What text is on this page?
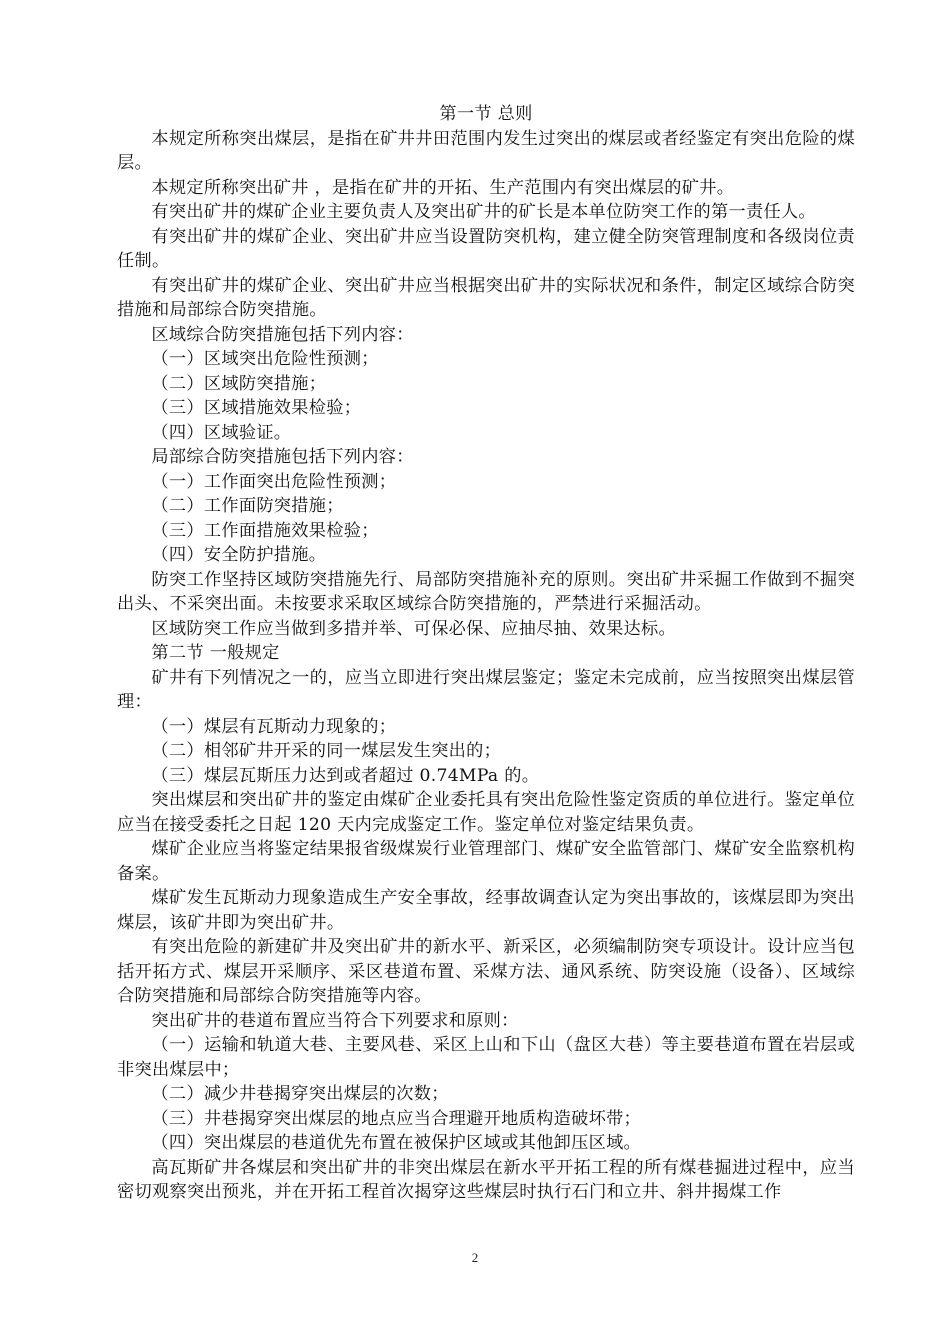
第一节 总则

本规定所称突出煤层，是指在矿井井田范围内发生过突出的煤层或者经鉴定有突出危险的煤层。

本规定所称突出矿井 ，是指在矿井的开拓、生产范围内有突出煤层的矿井。

有突出矿井的煤矿企业主要负责人及突出矿井的矿长是本单位防突工作的第一责任人。

有突出矿井的煤矿企业、突出矿井应当设置防突机构，建立健全防突管理制度和各级岗位责任制。

有突出矿井的煤矿企业、突出矿井应当根据突出矿井的实际状况和条件，制定区域综合防突措施和局部综合防突措施。

区域综合防突措施包括下列内容：

（一）区域突出危险性预测；

（二）区域防突措施；

（三）区域措施效果检验；

（四）区域验证。

局部综合防突措施包括下列内容：

（一）工作面突出危险性预测；

（二）工作面防突措施；

（三）工作面措施效果检验；

（四）安全防护措施。

防突工作坚持区域防突措施先行、局部防突措施补充的原则。突出矿井采掘工作做到不掘突出头、不采突出面。未按要求采取区域综合防突措施的，严禁进行采掘活动。

区域防突工作应当做到多措并举、可保必保、应抽尽抽、效果达标。

第二节 一般规定

矿井有下列情况之一的，应当立即进行突出煤层鉴定；鉴定未完成前，应当按照突出煤层管理：

（一）煤层有瓦斯动力现象的；

（二）相邻矿井开采的同一煤层发生突出的；

（三）煤层瓦斯压力达到或者超过 0.74MPa 的。

突出煤层和突出矿井的鉴定由煤矿企业委托具有突出危险性鉴定资质的单位进行。鉴定单位应当在接受委托之日起 120 天内完成鉴定工作。鉴定单位对鉴定结果负责。

煤矿企业应当将鉴定结果报省级煤炭行业管理部门、煤矿安全监管部门、煤矿安全监察机构备案。

煤矿发生瓦斯动力现象造成生产安全事故，经事故调查认定为突出事故的，该煤层即为突出煤层，该矿井即为突出矿井。

有突出危险的新建矿井及突出矿井的新水平、新采区，必须编制防突专项设计。设计应当包括开拓方式、煤层开采顺序、采区巷道布置、采煤方法、通风系统、防突设施（设备）、区域综合防突措施和局部综合防突措施等内容。

突出矿井的巷道布置应当符合下列要求和原则：

（一）运输和轨道大巷、主要风巷、采区上山和下山（盘区大巷）等主要巷道布置在岩层或非突出煤层中；

（二）减少井巷揭穿突出煤层的次数；

（三）井巷揭穿突出煤层的地点应当合理避开地质构造破坏带；

（四）突出煤层的巷道优先布置在被保护区域或其他卸压区域。

高瓦斯矿井各煤层和突出矿井的非突出煤层在新水平开拓工程的所有煤巷掘进过程中，应当密切观察突出预兆，并在开拓工程首次揭穿这些煤层时执行石门和立井、斜井揭煤工作

2
